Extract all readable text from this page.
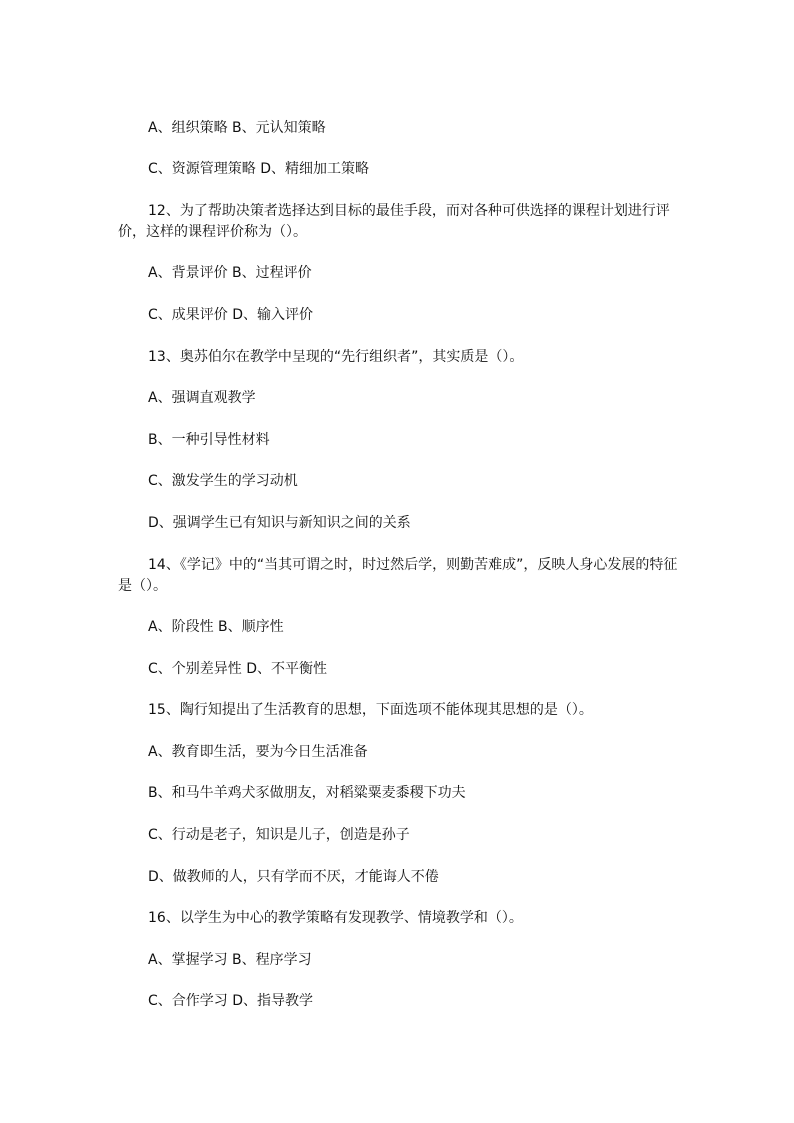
A、组织策略 B、元认知策略
C、资源管理策略 D、精细加工策略
12、为了帮助决策者选择达到目标的最佳手段，而对各种可供选择的课程计划进行评价，这样的课程评价称为（）。
A、背景评价 B、过程评价
C、成果评价 D、输入评价
13、奥苏伯尔在教学中呈现的“先行组织者”，其实质是（）。
A、强调直观教学
B、一种引导性材料
C、激发学生的学习动机
D、强调学生已有知识与新知识之间的关系
14、《学记》中的“当其可谓之时，时过然后学，则勤苦难成”，反映人身心发展的特征是（）。
A、阶段性 B、顺序性
C、个别差异性 D、不平衡性
15、陶行知提出了生活教育的思想，下面选项不能体现其思想的是（）。
A、教育即生活，要为今日生活准备
B、和马牛羊鸡犬豕做朋友，对稻粱粟麦黍稷下功夫
C、行动是老子，知识是儿子，创造是孙子
D、做教师的人，只有学而不厌，才能诲人不倦
16、以学生为中心的教学策略有发现教学、情境教学和（）。
A、掌握学习 B、程序学习
C、合作学习 D、指导教学
